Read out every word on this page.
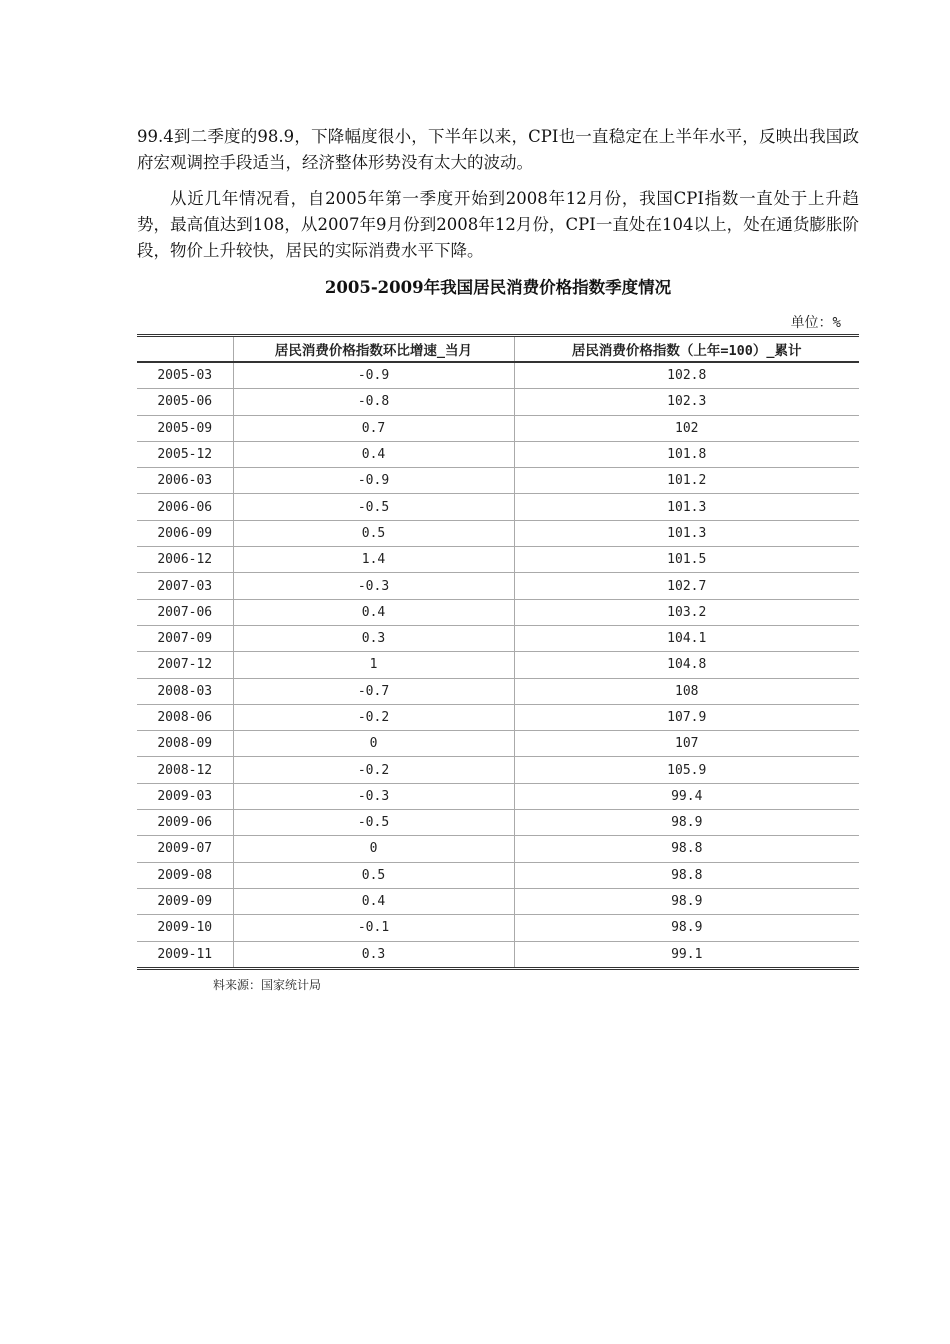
99.4到二季度的98.9，下降幅度很小，下半年以来，CPI也一直稳定在上半年水平，反映出我国政府宏观调控手段适当，经济整体形势没有太大的波动。

从近几年情况看，自2005年第一季度开始到2008年12月份，我国CPI指数一直处于上升趋势，最高值达到108，从2007年9月份到2008年12月份，CPI一直处在104以上，处在通货膨胀阶段，物价上升较快，居民的实际消费水平下降。

2005-2009年我国居民消费价格指数季度情况
单位：%
	居民消费价格指数环比增速_当月	居民消费价格指数（上年=100）_累计
2005-03	-0.9	102.8
2005-06	-0.8	102.3
2005-09	0.7	102
2005-12	0.4	101.8
2006-03	-0.9	101.2
2006-06	-0.5	101.3
2006-09	0.5	101.3
2006-12	1.4	101.5
2007-03	-0.3	102.7
2007-06	0.4	103.2
2007-09	0.3	104.1
2007-12	1	104.8
2008-03	-0.7	108
2008-06	-0.2	107.9
2008-09	0	107
2008-12	-0.2	105.9
2009-03	-0.3	99.4
2009-06	-0.5	98.9
2009-07	0	98.8
2009-08	0.5	98.8
2009-09	0.4	98.9
2009-10	-0.1	98.9
2009-11	0.3	99.1
料来源：国家统计局
